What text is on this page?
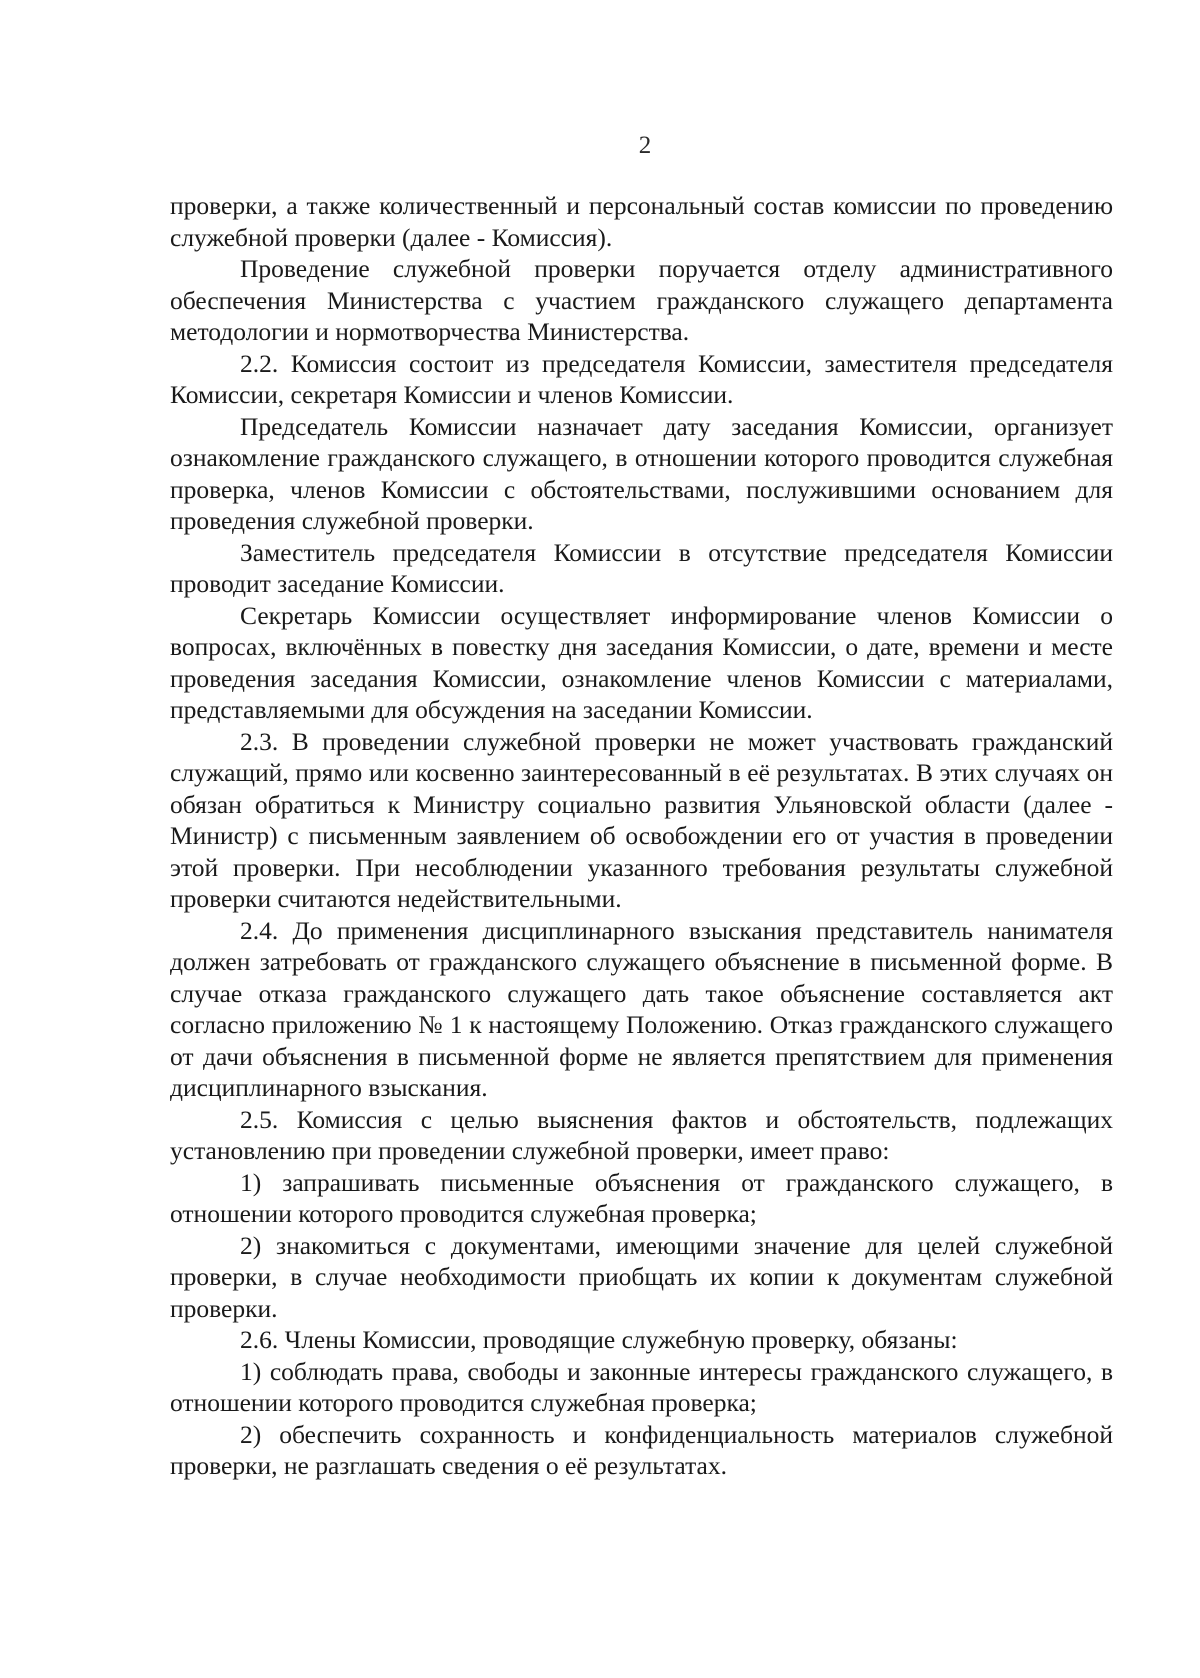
2

проверки, а также количественный и персональный состав комиссии по проведению служебной проверки (далее - Комиссия).

Проведение служебной проверки поручается отделу административного обеспечения Министерства с участием гражданского служащего департамента методологии и нормотворчества Министерства.

2.2. Комиссия состоит из председателя Комиссии, заместителя председателя Комиссии, секретаря Комиссии и членов Комиссии.

Председатель Комиссии назначает дату заседания Комиссии, организует ознакомление гражданского служащего, в отношении которого проводится служебная проверка, членов Комиссии с обстоятельствами, послужившими основанием для проведения служебной проверки.

Заместитель председателя Комиссии в отсутствие председателя Комиссии проводит заседание Комиссии.

Секретарь Комиссии осуществляет информирование членов Комиссии о вопросах, включённых в повестку дня заседания Комиссии, о дате, времени и месте проведения заседания Комиссии, ознакомление членов Комиссии с материалами, представляемыми для обсуждения на заседании Комиссии.

2.3. В проведении служебной проверки не может участвовать гражданский служащий, прямо или косвенно заинтересованный в её результатах. В этих случаях он обязан обратиться к Министру социально развития Ульяновской области (далее - Министр) с письменным заявлением об освобождении его от участия в проведении этой проверки. При несоблюдении указанного требования результаты служебной проверки считаются недействительными.

2.4. До применения дисциплинарного взыскания представитель нанимателя должен затребовать от гражданского служащего объяснение в письменной форме. В случае отказа гражданского служащего дать такое объяснение составляется акт согласно приложению № 1 к настоящему Положению. Отказ гражданского служащего от дачи объяснения в письменной форме не является препятствием для применения дисциплинарного взыскания.

2.5. Комиссия с целью выяснения фактов и обстоятельств, подлежащих установлению при проведении служебной проверки, имеет право:

1) запрашивать письменные объяснения от гражданского служащего, в отношении которого проводится служебная проверка;

2) знакомиться с документами, имеющими значение для целей служебной проверки, в случае необходимости приобщать их копии к документам служебной проверки.

2.6. Члены Комиссии, проводящие служебную проверку, обязаны:

1) соблюдать права, свободы и законные интересы гражданского служащего, в отношении которого проводится служебная проверка;

2) обеспечить сохранность и конфиденциальность материалов служебной проверки, не разглашать сведения о её результатах.
